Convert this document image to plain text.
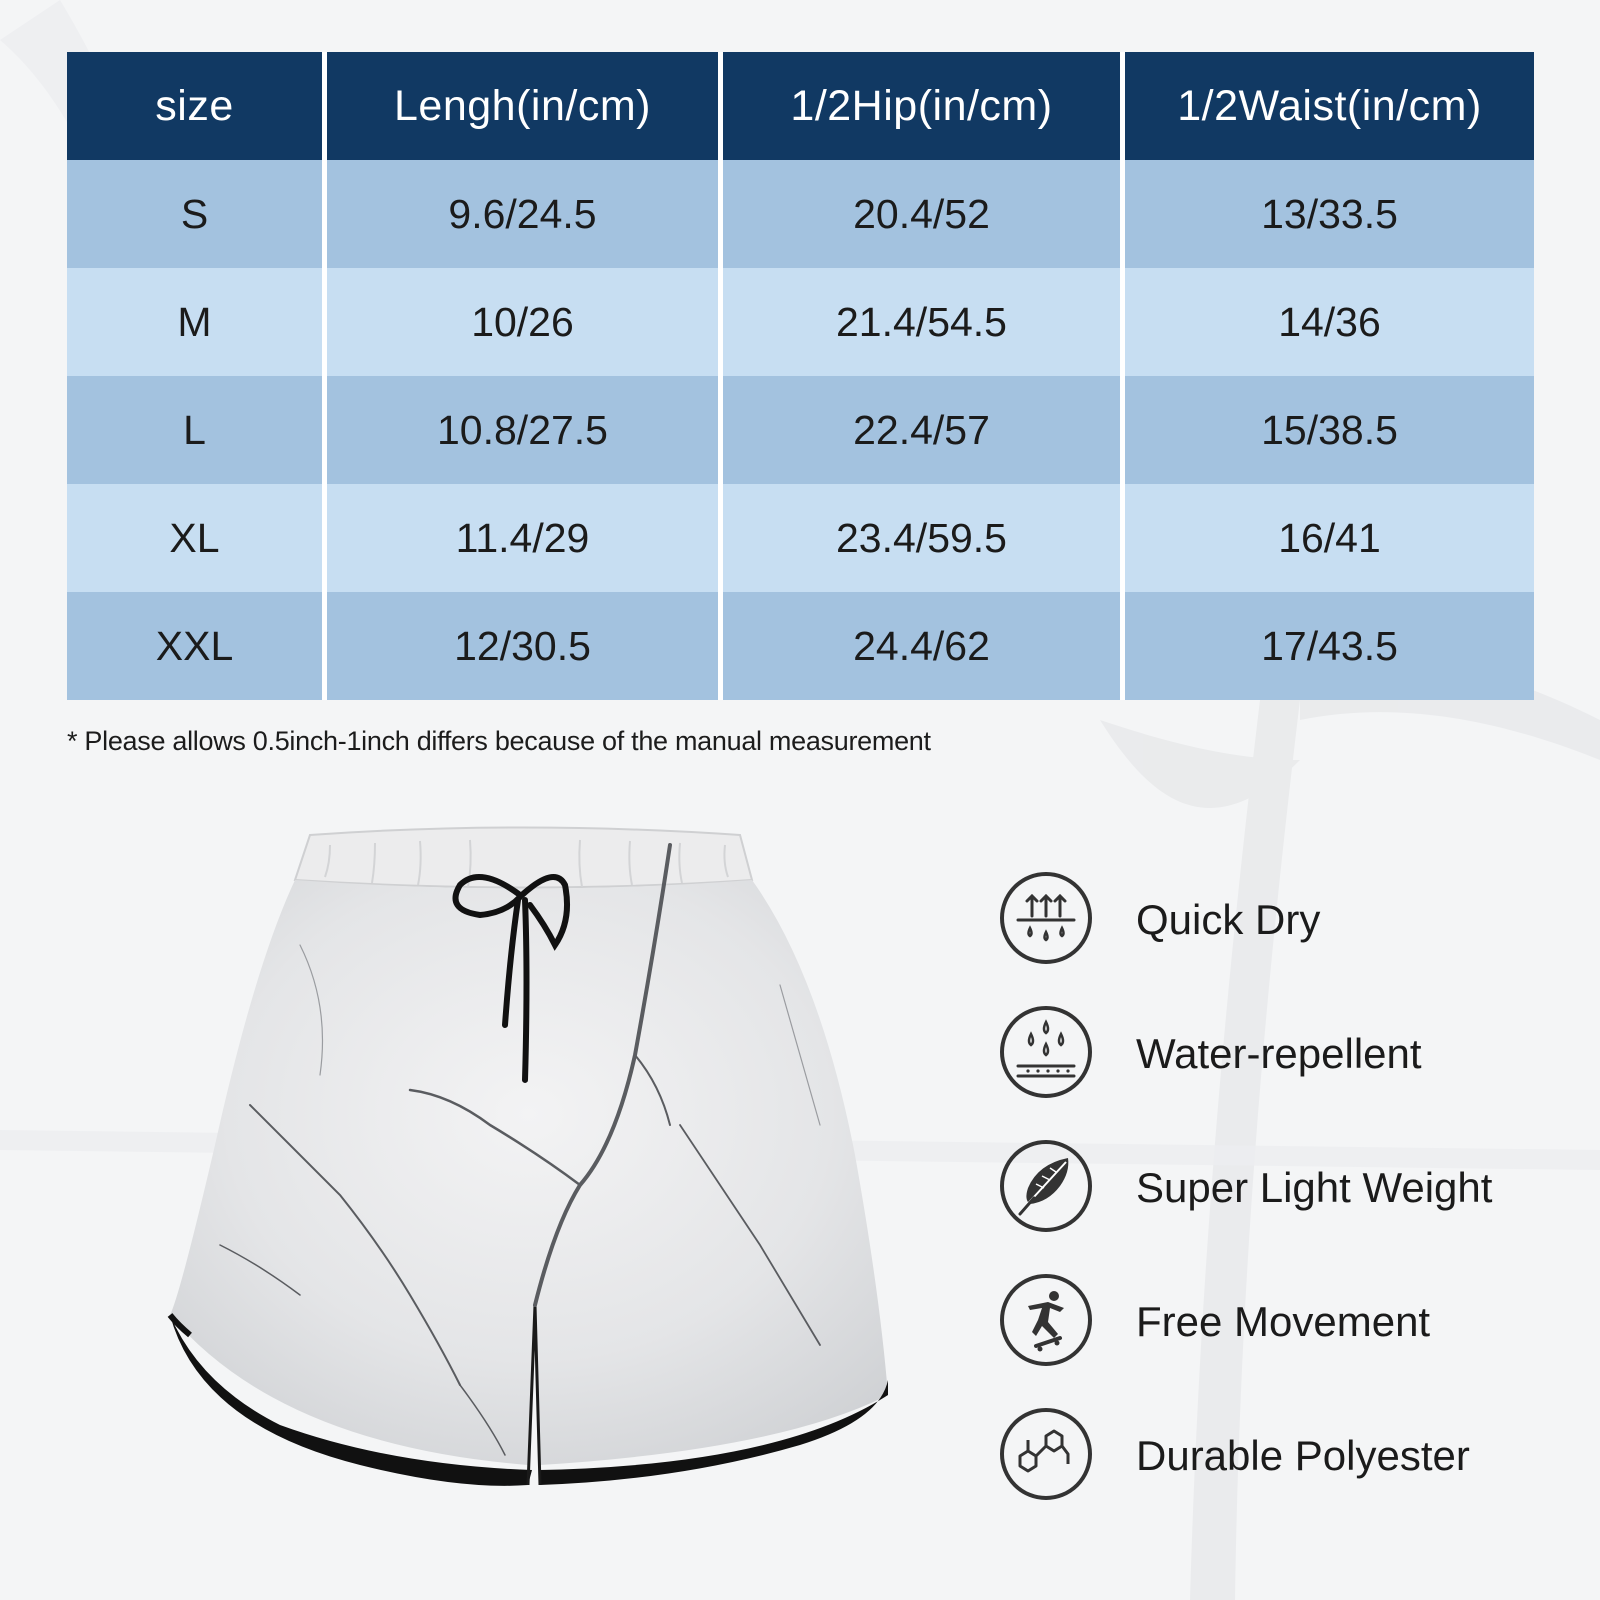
size	Lengh(in/cm)	1/2Hip(in/cm)	1/2Waist(in/cm)
S	9.6/24.5	20.4/52	13/33.5
M	10/26	21.4/54.5	14/36
L	10.8/27.5	22.4/57	15/38.5
XL	11.4/29	23.4/59.5	16/41
XXL	12/30.5	24.4/62	17/43.5
* Please allows 0.5inch-1inch differs because of the manual measurement
Quick Dry
Water-repellent
Super Light Weight
Free Movement
Durable Polyester
